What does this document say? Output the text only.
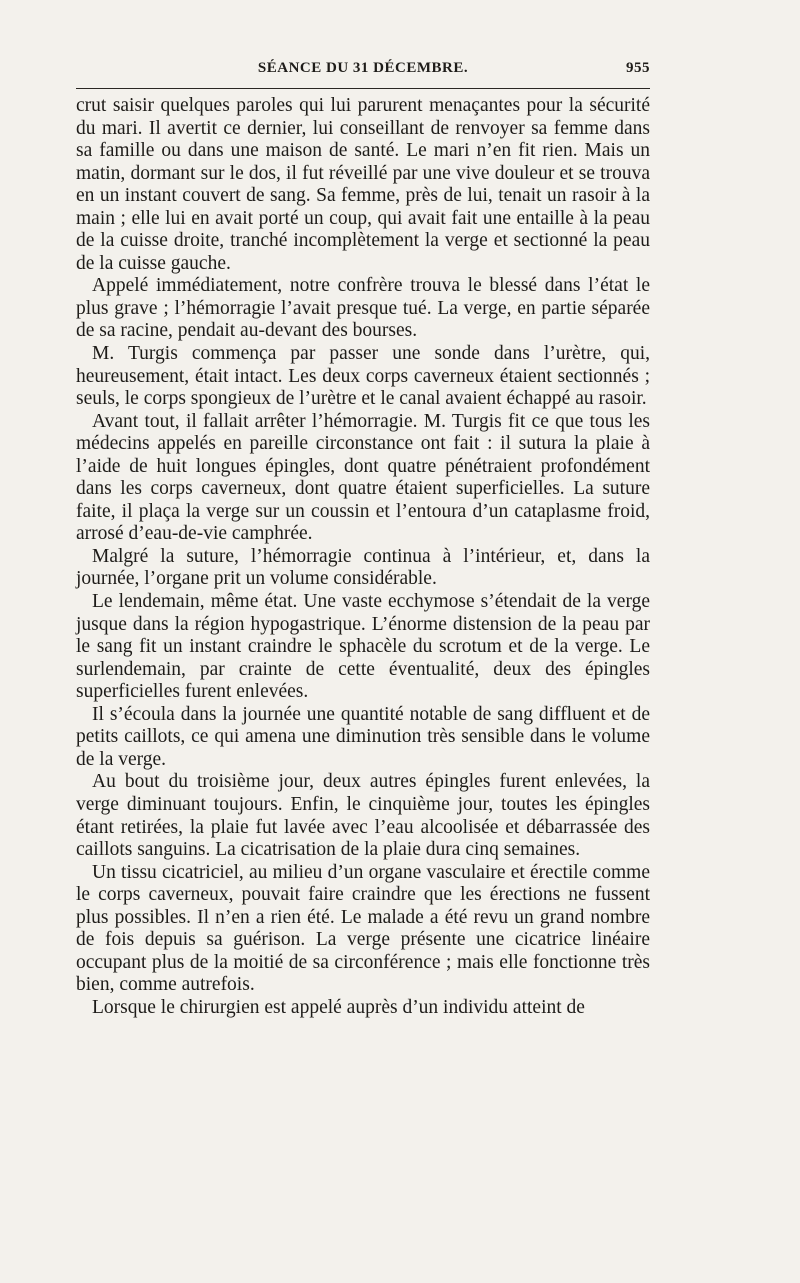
SÉANCE DU 31 DÉCEMBRE.	955

crut saisir quelques paroles qui lui parurent menaçantes pour la sécurité du mari. Il avertit ce dernier, lui conseillant de renvoyer sa femme dans sa famille ou dans une maison de santé. Le mari n’en fit rien. Mais un matin, dormant sur le dos, il fut réveillé par une vive douleur et se trouva en un instant couvert de sang. Sa femme, près de lui, tenait un rasoir à la main ; elle lui en avait porté un coup, qui avait fait une entaille à la peau de la cuisse droite, tranché incomplètement la verge et sectionné la peau de la cuisse gauche.

Appelé immédiatement, notre confrère trouva le blessé dans l’état le plus grave ; l’hémorragie l’avait presque tué. La verge, en partie séparée de sa racine, pendait au-devant des bourses.

M. Turgis commença par passer une sonde dans l’urètre, qui, heureusement, était intact. Les deux corps caverneux étaient sectionnés ; seuls, le corps spongieux de l’urètre et le canal avaient échappé au rasoir.

Avant tout, il fallait arrêter l’hémorragie. M. Turgis fit ce que tous les médecins appelés en pareille circonstance ont fait : il sutura la plaie à l’aide de huit longues épingles, dont quatre pénétraient profondément dans les corps caverneux, dont quatre étaient superficielles. La suture faite, il plaça la verge sur un coussin et l’entoura d’un cataplasme froid, arrosé d’eau-de-vie camphrée.

Malgré la suture, l’hémorragie continua à l’intérieur, et, dans la journée, l’organe prit un volume considérable.

Le lendemain, même état. Une vaste ecchymose s’étendait de la verge jusque dans la région hypogastrique. L’énorme distension de la peau par le sang fit un instant craindre le sphacèle du scrotum et de la verge. Le surlendemain, par crainte de cette éventualité, deux des épingles superficielles furent enlevées.

Il s’écoula dans la journée une quantité notable de sang diffluent et de petits caillots, ce qui amena une diminution très sensible dans le volume de la verge.

Au bout du troisième jour, deux autres épingles furent enlevées, la verge diminuant toujours. Enfin, le cinquième jour, toutes les épingles étant retirées, la plaie fut lavée avec l’eau alcoolisée et débarrassée des caillots sanguins. La cicatrisation de la plaie dura cinq semaines.

Un tissu cicatriciel, au milieu d’un organe vasculaire et érectile comme le corps caverneux, pouvait faire craindre que les érections ne fussent plus possibles. Il n’en a rien été. Le malade a été revu un grand nombre de fois depuis sa guérison. La verge présente une cicatrice linéaire occupant plus de la moitié de sa circonférence ; mais elle fonctionne très bien, comme autrefois.

Lorsque le chirurgien est appelé auprès d’un individu atteint de
